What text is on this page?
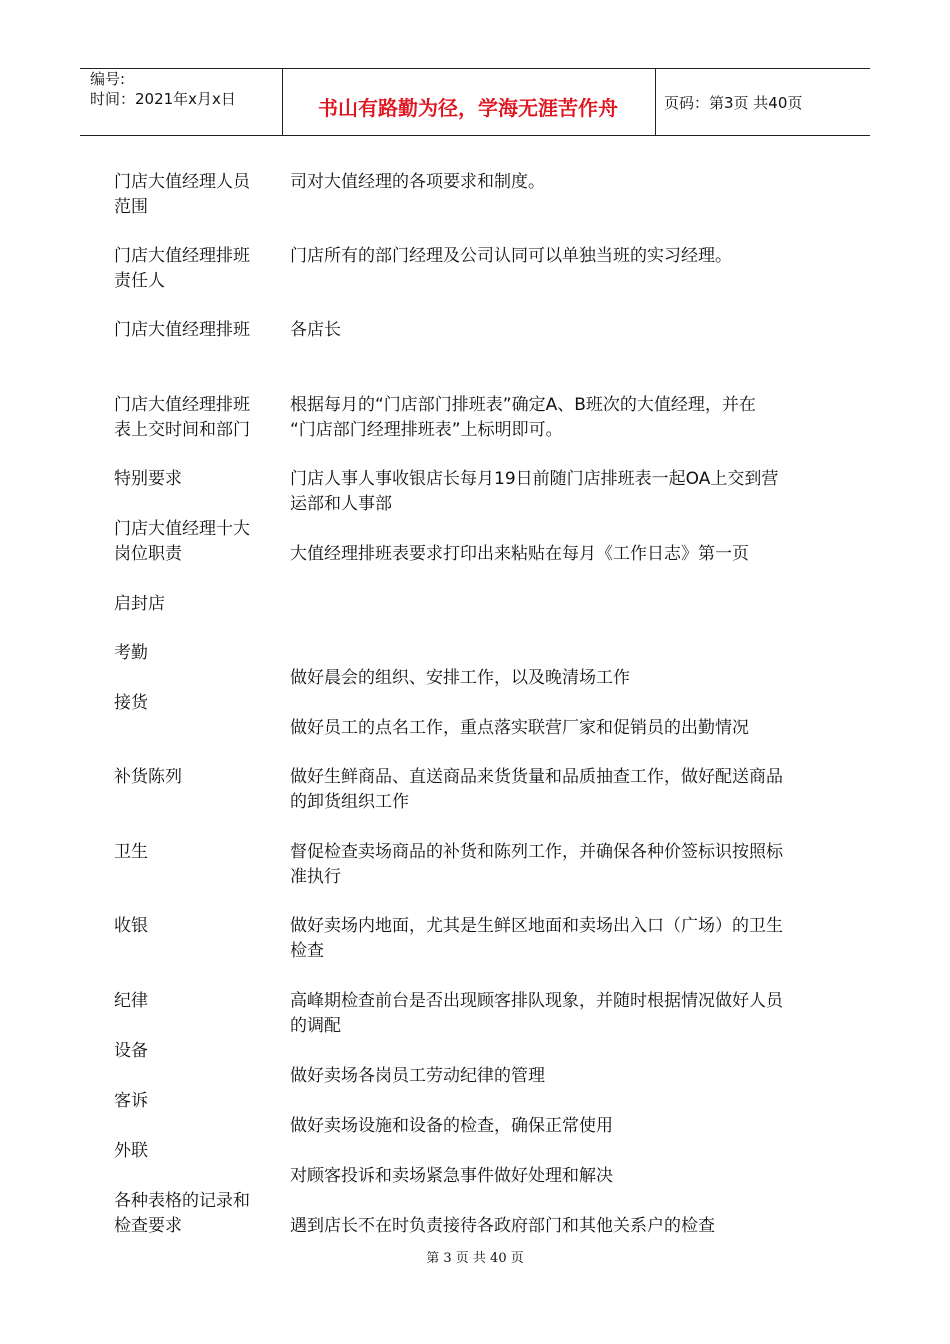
编号:
时间：2021年x月x日	书山有路勤为径，学海无涯苦作舟	页码：第3页 共40页
门店大值经理人员
范围
门店大值经理排班
责任人
门店大值经理排班
门店大值经理排班
表上交时间和部门
特别要求
门店大值经理十大
岗位职责
启封店
考勤
接货
补货陈列
卫生
收银
纪律
设备
客诉
外联
各种表格的记录和
检查要求
司对大值经理的各项要求和制度。
门店所有的部门经理及公司认同可以单独当班的实习经理。
各店长
根据每月的“门店部门排班表”确定A、B班次的大值经理，并在
“门店部门经理排班表”上标明即可。
门店人事人事收银店长每月19日前随门店排班表一起OA上交到营
运部和人事部
大值经理排班表要求打印出来粘贴在每月《工作日志》第一页
做好晨会的组织、安排工作，以及晚清场工作
做好员工的点名工作，重点落实联营厂家和促销员的出勤情况
做好生鲜商品、直送商品来货货量和品质抽查工作，做好配送商品
的卸货组织工作
督促检查卖场商品的补货和陈列工作，并确保各种价签标识按照标
准执行
做好卖场内地面，尤其是生鲜区地面和卖场出入口（广场）的卫生
检查
高峰期检查前台是否出现顾客排队现象，并随时根据情况做好人员
的调配
做好卖场各岗员工劳动纪律的管理
做好卖场设施和设备的检查，确保正常使用
对顾客投诉和卖场紧急事件做好处理和解决
遇到店长不在时负责接待各政府部门和其他关系户的检查
第 3 页 共 40 页
